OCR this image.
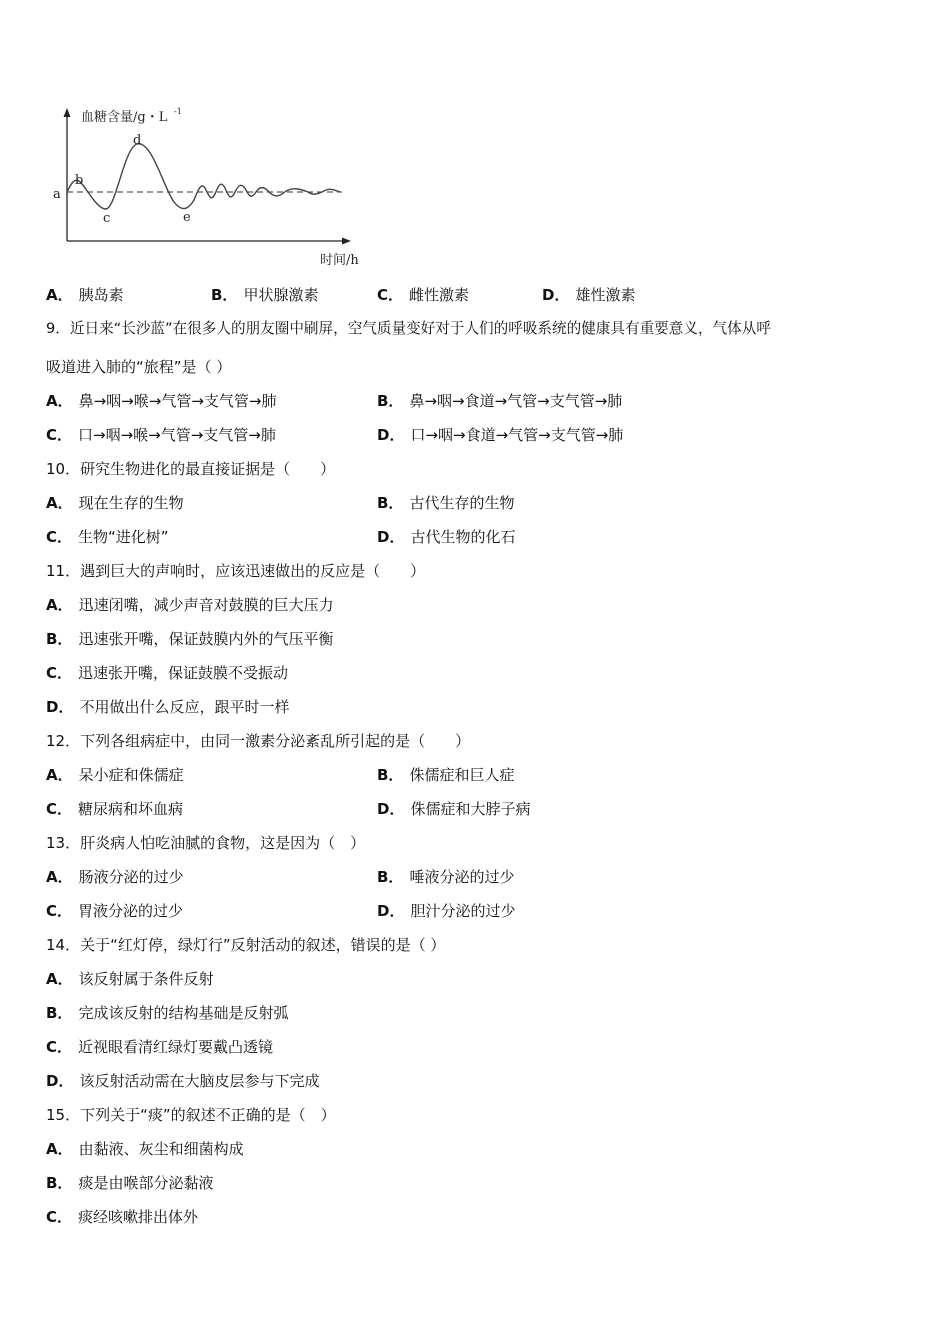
血糖含量/g・L -1
时间/h
a
b
c
d
e
A． 胰岛素	B． 甲状腺激素	C． 雌性激素	D． 雄性激素
9．近日来“长沙蓝”在很多人的朋友圈中刷屏，空气质量变好对于人们的呼吸系统的健康具有重要意义，气体从呼
吸道进入肺的“旅程”是（ ）
A． 鼻→咽→喉→气管→支气管→肺	B． 鼻→咽→食道→气管→支气管→肺
C． 口→咽→喉→气管→支气管→肺	D． 口→咽→食道→气管→支气管→肺
10．研究生物进化的最直接证据是（　　）
A． 现在生存的生物	B． 古代生存的生物
C． 生物“进化树”	D． 古代生物的化石
11．遇到巨大的声响时，应该迅速做出的反应是（　　）
A． 迅速闭嘴，减少声音对鼓膜的巨大压力
B． 迅速张开嘴，保证鼓膜内外的气压平衡
C． 迅速张开嘴，保证鼓膜不受振动
D． 不用做出什么反应，跟平时一样
12．下列各组病症中，由同一激素分泌紊乱所引起的是（　　）
A． 呆小症和侏儒症	B． 侏儒症和巨人症
C． 糖尿病和坏血病	D． 侏儒症和大脖子病
13．肝炎病人怕吃油腻的食物，这是因为（　）
A． 肠液分泌的过少	B． 唾液分泌的过少
C． 胃液分泌的过少	D． 胆汁分泌的过少
14．关于“红灯停，绿灯行”反射活动的叙述，错误的是（ ）
A． 该反射属于条件反射
B． 完成该反射的结构基础是反射弧
C． 近视眼看清红绿灯要戴凸透镜
D． 该反射活动需在大脑皮层参与下完成
15．下列关于“痰”的叙述不正确的是（　）
A． 由黏液、灰尘和细菌构成
B． 痰是由喉部分泌黏液
C． 痰经咳嗽排出体外
